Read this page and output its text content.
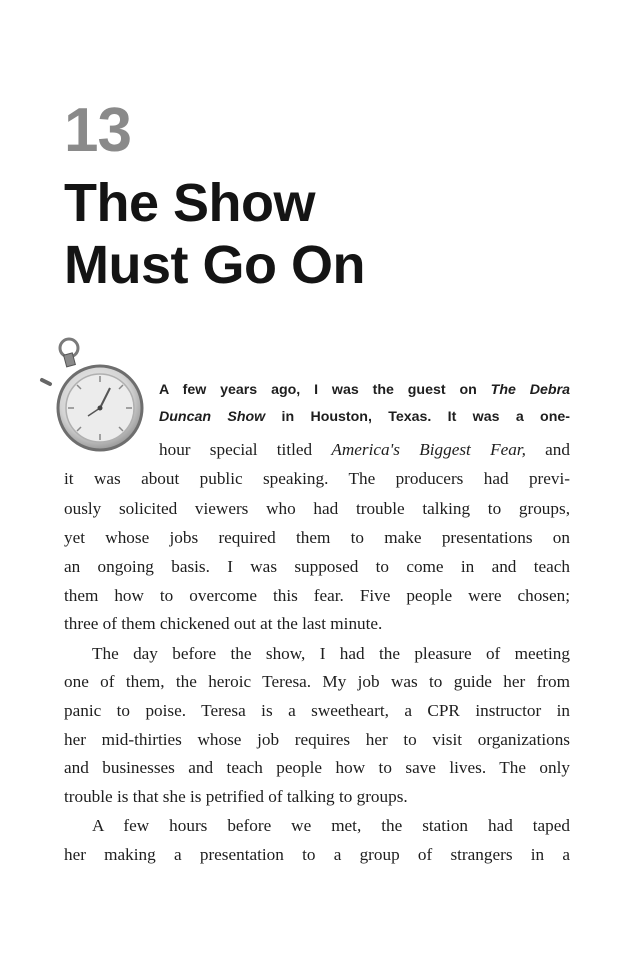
13
The Show
Must Go On
A few years ago, I was the guest on The Debra
Duncan Show in Houston, Texas. It was a one-
hour special titled America's Biggest Fear, and
it was about public speaking. The producers had previ-
ously solicited viewers who had trouble talking to groups,
yet whose jobs required them to make presentations on
an ongoing basis. I was supposed to come in and teach
them how to overcome this fear. Five people were chosen;
three of them chickened out at the last minute.
The day before the show, I had the pleasure of meeting
one of them, the heroic Teresa. My job was to guide her from
panic to poise. Teresa is a sweetheart, a CPR instructor in
her mid-thirties whose job requires her to visit organizations
and businesses and teach people how to save lives. The only
trouble is that she is petrified of talking to groups.
A few hours before we met, the station had taped
her making a presentation to a group of strangers in a
